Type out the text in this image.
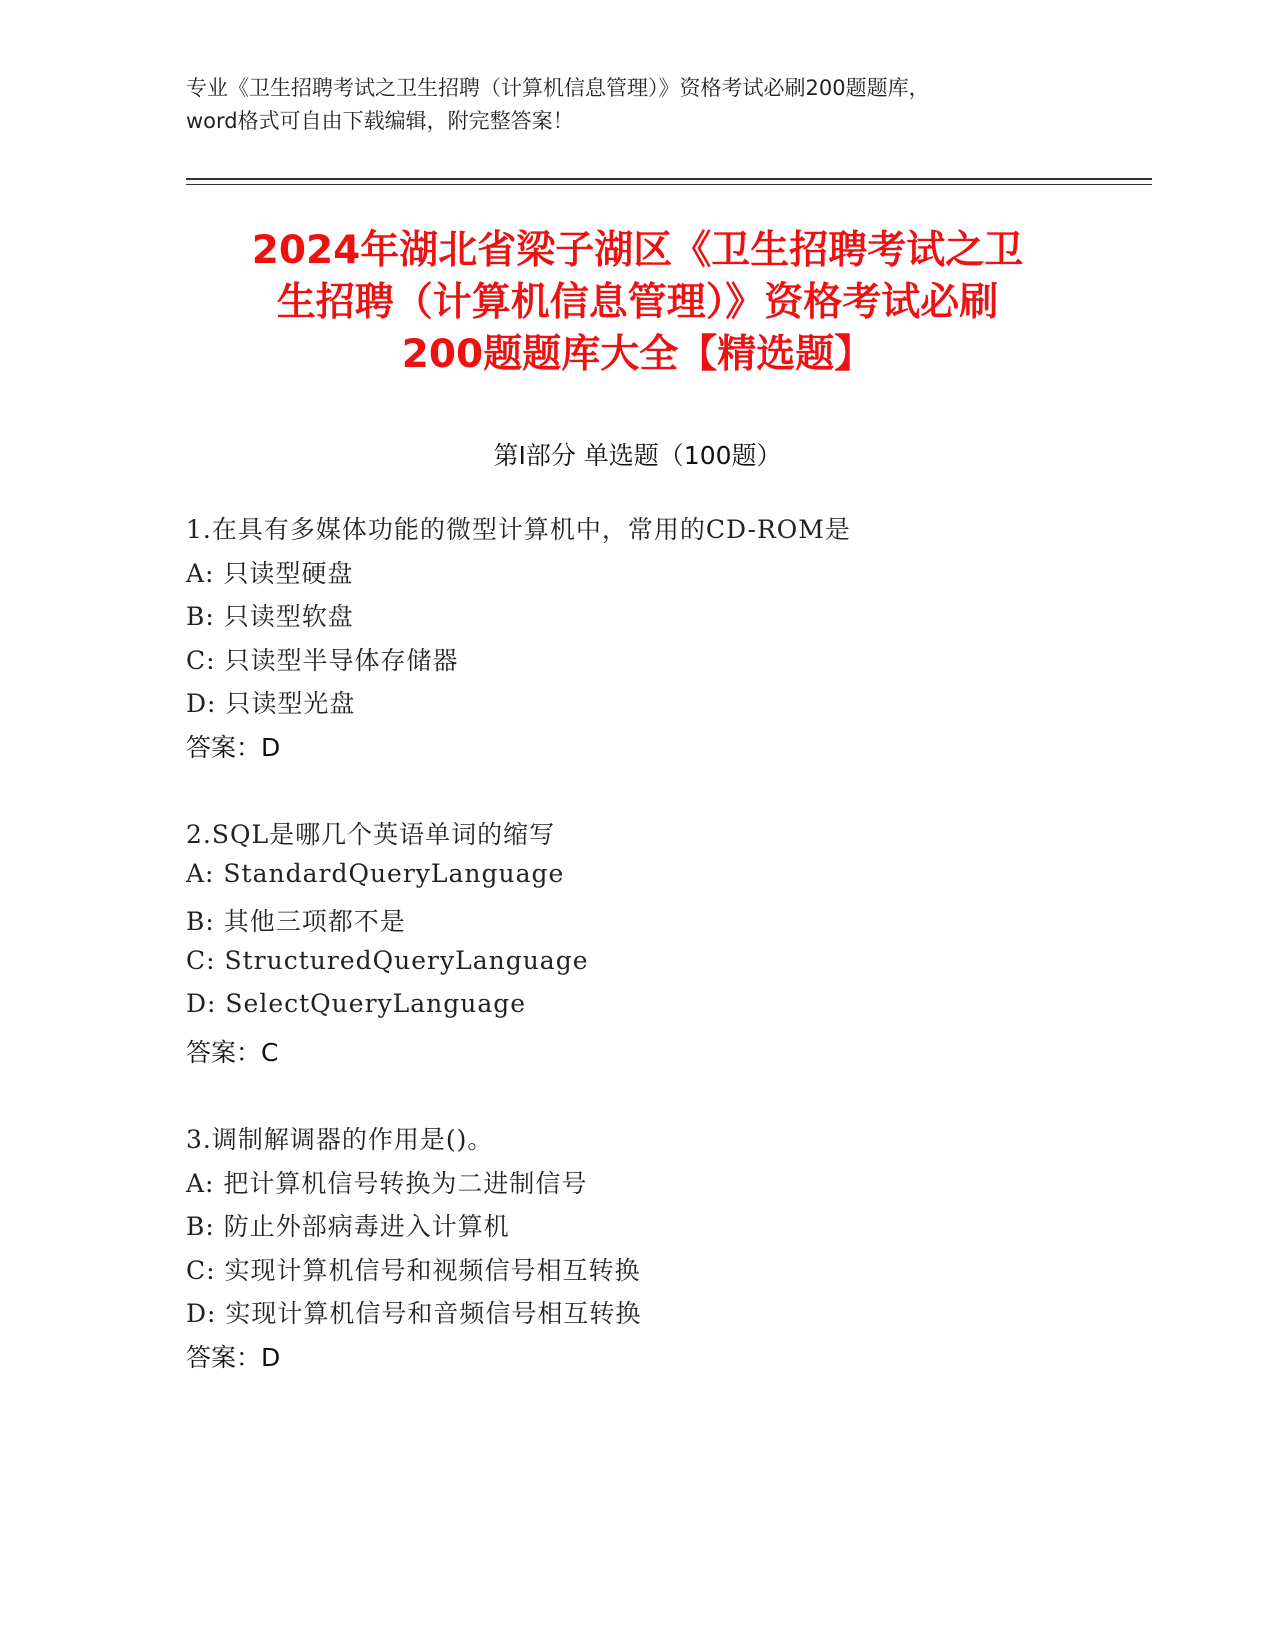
专业《卫生招聘考试之卫生招聘（计算机信息管理）》资格考试必刷200题题库，
word格式可自由下载编辑，附完整答案！
2024年湖北省梁子湖区《卫生招聘考试之卫
生招聘（计算机信息管理）》资格考试必刷
200题题库大全【精选题】
第Ⅰ部分 单选题（100题）
1.在具有多媒体功能的微型计算机中，常用的CD-ROM是
A: 只读型硬盘
B: 只读型软盘
C: 只读型半导体存储器
D: 只读型光盘
答案：D
2.SQL是哪几个英语单词的缩写
A: StandardQueryLanguage
B: 其他三项都不是
C: StructuredQueryLanguage
D: SelectQueryLanguage
答案：C
3.调制解调器的作用是()。
A: 把计算机信号转换为二进制信号
B: 防止外部病毒进入计算机
C: 实现计算机信号和视频信号相互转换
D: 实现计算机信号和音频信号相互转换
答案：D
